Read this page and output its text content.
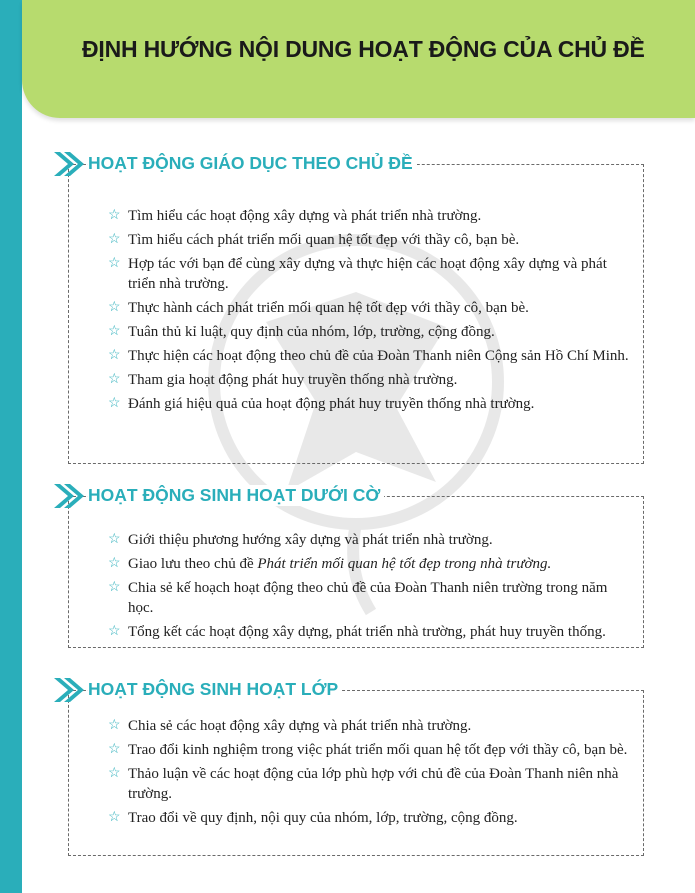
ĐỊNH HƯỚNG NỘI DUNG HOẠT ĐỘNG CỦA CHỦ ĐỀ
HOẠT ĐỘNG GIÁO DỤC THEO CHỦ ĐỀ
☆ Tìm hiểu các hoạt động xây dựng và phát triển nhà trường.
☆ Tìm hiểu cách phát triển mối quan hệ tốt đẹp với thầy cô, bạn bè.
☆ Hợp tác với bạn để cùng xây dựng và thực hiện các hoạt động xây dựng và phát triển nhà trường.
☆ Thực hành cách phát triển mối quan hệ tốt đẹp với thầy cô, bạn bè.
☆ Tuân thủ kỉ luật, quy định của nhóm, lớp, trường, cộng đồng.
☆ Thực hiện các hoạt động theo chủ đề của Đoàn Thanh niên Cộng sản Hồ Chí Minh.
☆ Tham gia hoạt động phát huy truyền thống nhà trường.
☆ Đánh giá hiệu quả của hoạt động phát huy truyền thống nhà trường.
HOẠT ĐỘNG SINH HOẠT DƯỚI CỜ
☆ Giới thiệu phương hướng xây dựng và phát triển nhà trường.
☆ Giao lưu theo chủ đề Phát triển mối quan hệ tốt đẹp trong nhà trường.
☆ Chia sẻ kế hoạch hoạt động theo chủ đề của Đoàn Thanh niên trường trong năm học.
☆ Tổng kết các hoạt động xây dựng, phát triển nhà trường, phát huy truyền thống.
HOẠT ĐỘNG SINH HOẠT LỚP
☆ Chia sẻ các hoạt động xây dựng và phát triển nhà trường.
☆ Trao đổi kinh nghiệm trong việc phát triển mối quan hệ tốt đẹp với thầy cô, bạn bè.
☆ Thảo luận về các hoạt động của lớp phù hợp với chủ đề của Đoàn Thanh niên nhà trường.
☆ Trao đổi về quy định, nội quy của nhóm, lớp, trường, cộng đồng.
6
